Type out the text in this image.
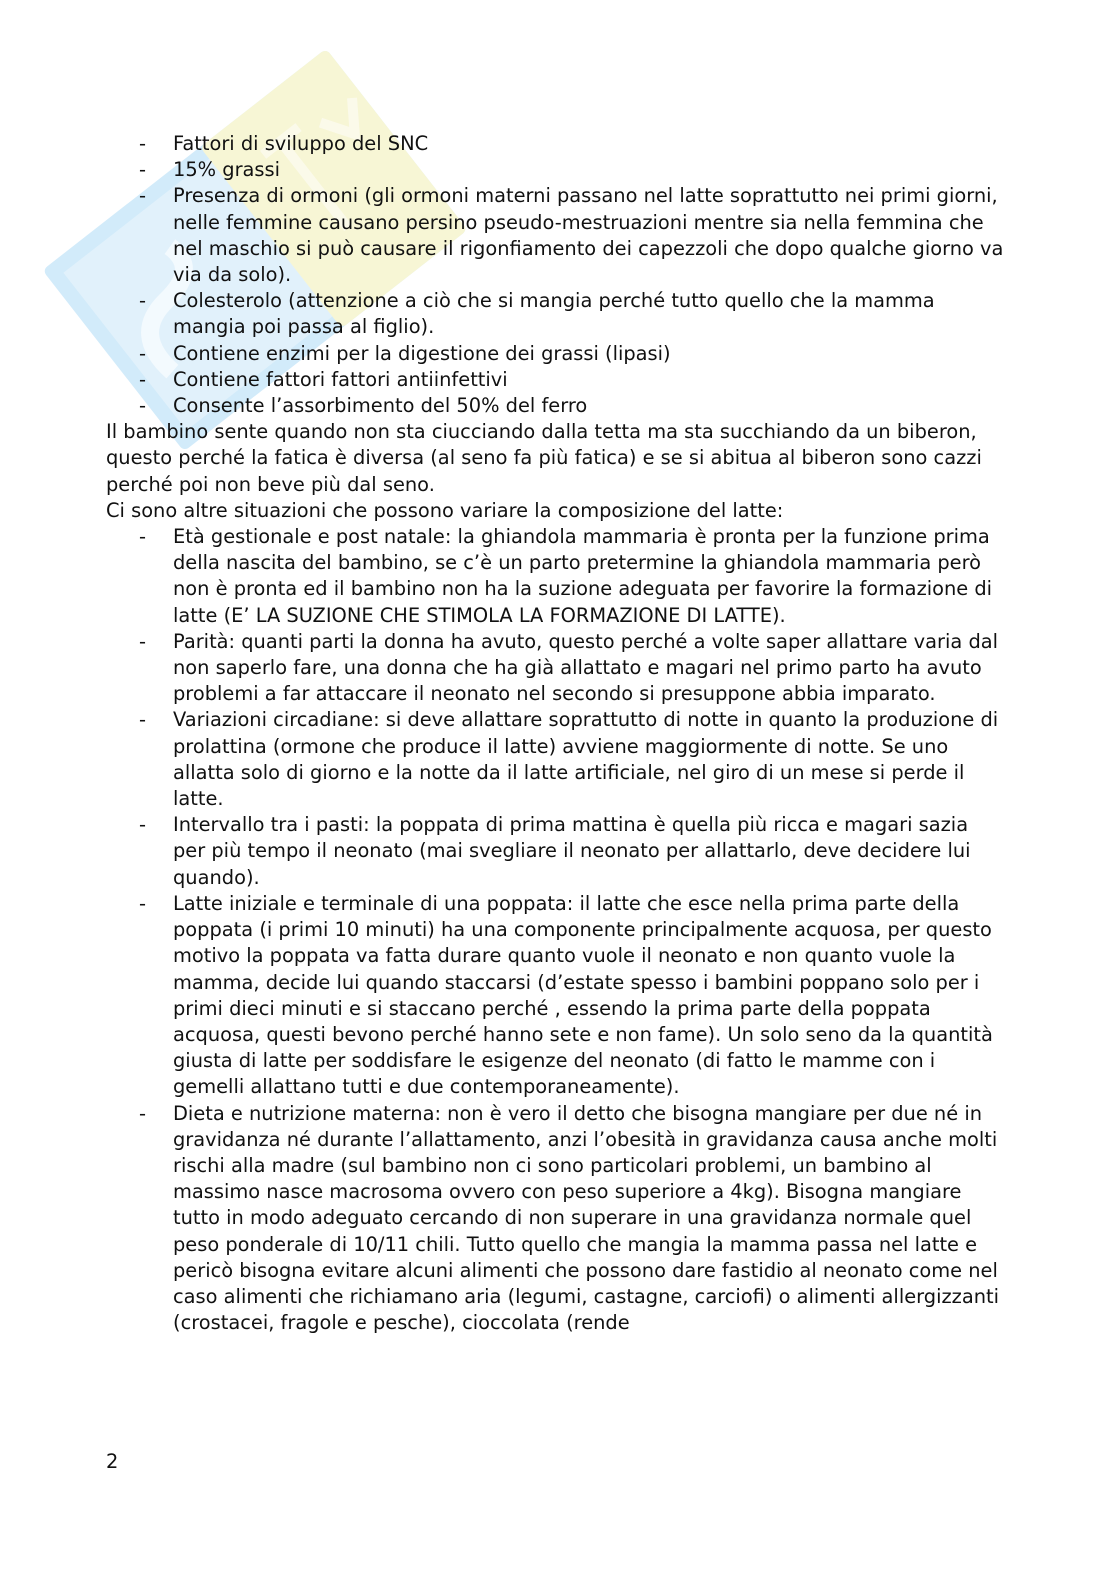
- Fattori di sviluppo del SNC
- 15% grassi
- Presenza di ormoni (gli ormoni materni passano nel latte soprattutto nei primi giorni, nelle femmine causano persino pseudo-mestruazioni mentre sia nella femmina che nel maschio si può causare il rigonfiamento dei capezzoli che dopo qualche giorno va via da solo).
- Colesterolo (attenzione a ciò che si mangia perché tutto quello che la mamma mangia poi passa al figlio).
- Contiene enzimi per la digestione dei grassi (lipasi)
- Contiene fattori fattori antiinfettivi
- Consente l’assorbimento del 50% del ferro

Il bambino sente quando non sta ciucciando dalla tetta ma sta succhiando da un biberon, questo perché la fatica è diversa (al seno fa più fatica) e se si abitua al biberon sono cazzi perché poi non beve più dal seno.

Ci sono altre situazioni che possono variare la composizione del latte:

- Età gestionale e post natale: la ghiandola mammaria è pronta per la funzione prima della nascita del bambino, se c’è un parto pretermine la ghiandola mammaria però non è pronta ed il bambino non ha la suzione adeguata per favorire la formazione di latte (E’ LA SUZIONE CHE STIMOLA LA FORMAZIONE DI LATTE).
- Parità: quanti parti la donna ha avuto, questo perché a volte saper allattare varia dal non saperlo fare, una donna che ha già allattato e magari nel primo parto ha avuto problemi a far attaccare il neonato nel secondo si presuppone abbia imparato.
- Variazioni circadiane: si deve allattare soprattutto di notte in quanto la produzione di prolattina (ormone che produce il latte) avviene maggiormente di notte. Se uno allatta solo di giorno e la notte da il latte artificiale, nel giro di un mese si perde il latte.
- Intervallo tra i pasti: la poppata di prima mattina è quella più ricca e magari sazia per più tempo il neonato (mai svegliare il neonato per allattarlo, deve decidere lui quando).
- Latte iniziale e terminale di una poppata: il latte che esce nella prima parte della poppata (i primi 10 minuti) ha una componente principalmente acquosa, per questo motivo la poppata va fatta durare quanto vuole il neonato e non quanto vuole la mamma, decide lui quando staccarsi (d’estate spesso i bambini poppano solo per i primi dieci minuti e si staccano perché , essendo la prima parte della poppata acquosa, questi bevono perché hanno sete e non fame). Un solo seno da la quantità giusta di latte per soddisfare le esigenze del neonato (di fatto le mamme con i gemelli allattano tutti e due contemporaneamente).
- Dieta e nutrizione materna: non è vero il detto che bisogna mangiare per due né in gravidanza né durante l’allattamento, anzi l’obesità in gravidanza causa anche molti rischi alla madre (sul bambino non ci sono particolari problemi, un bambino al massimo nasce macrosoma ovvero con peso superiore a 4kg). Bisogna mangiare tutto in modo adeguato cercando di non superare in una gravidanza normale quel peso ponderale di 10/11 chili. Tutto quello che mangia la mamma passa nel latte e pericò bisogna evitare alcuni alimenti che possono dare fastidio al neonato come nel caso alimenti che richiamano aria (legumi, castagne, carciofi) o alimenti allergizzanti (crostacei, fragole e pesche), cioccolata (rende
2
